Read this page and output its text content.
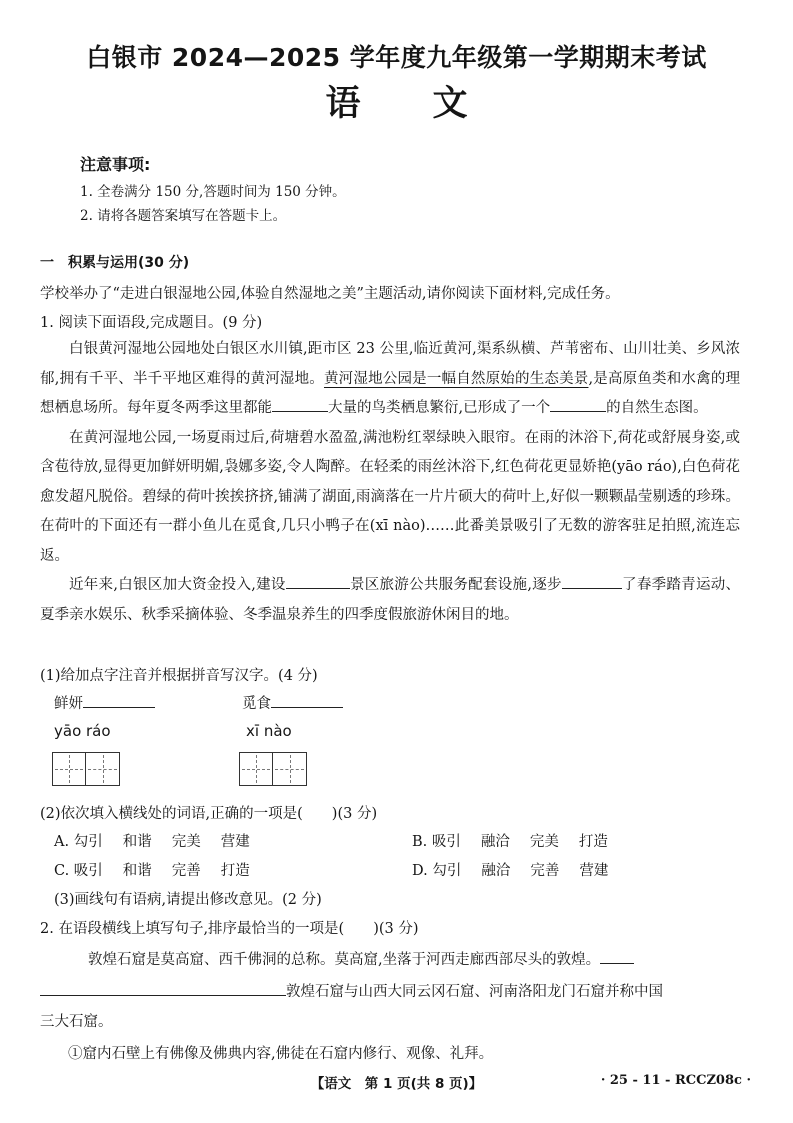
白银市 2024—2025 学年度九年级第一学期期末考试
语 文
注意事项:
1. 全卷满分 150 分,答题时间为 150 分钟。
2. 请将各题答案填写在答题卡上。
一　积累与运用(30 分)
学校举办了“走进白银湿地公园,体验自然湿地之美”主题活动,请你阅读下面材料,完成任务。
1. 阅读下面语段,完成题目。(9 分)

白银黄河湿地公园地处白银区水川镇,距市区 23 公里,临近黄河,渠系纵横、芦苇密布、山川壮美、乡风浓郁,拥有千平、半千平地区难得的黄河湿地。黄河湿地公园是一幅自然原始的生态美景,是高原鱼类和水禽的理想栖息场所。每年夏冬两季这里都能	大量的鸟类栖息繁衍,已形成了一个	的自然生态图。

在黄河湿地公园,一场夏雨过后,荷塘碧水盈盈,满池粉红翠绿映入眼帘。在雨的沐浴下,荷花或舒展身姿,或含苞待放,显得更加鲜妍明媚,袅娜多姿,令人陶醉。在轻柔的雨丝沐浴下,红色荷花更显娇艳(yāo ráo),白色荷花愈发超凡脱俗。碧绿的荷叶挨挨挤挤,铺满了湖面,雨滴落在一片片硕大的荷叶上,好似一颗颗晶莹剔透的珍珠。在荷叶的下面还有一群小鱼儿在觅食,几只小鸭子在(xī nào)……此番美景吸引了无数的游客驻足拍照,流连忘返。

近年来,白银区加大资金投入,建设	景区旅游公共服务配套设施,逐步	了春季踏青运动、夏季亲水娱乐、秋季采摘体验、冬季温泉养生的四季度假旅游休闲目的地。

(1)给加点字注音并根据拼音写汉字。(4 分)
鲜妍	觅食
yāo ráo	xī nào
(2)依次填入横线处的词语,正确的一项是(　　)(3 分)
A. 勾引 和谐 完美 营建	B. 吸引 融洽 完美 打造
C. 吸引 和谐 完善 打造	D. 勾引 融洽 完善 营建
(3)画线句有语病,请提出修改意见。(2 分)
2. 在语段横线上填写句子,排序最恰当的一项是(　　)(3 分)
敦煌石窟是莫高窟、西千佛洞的总称。莫高窟,坐落于河西走廊西部尽头的敦煌。
敦煌石窟与山西大同云冈石窟、河南洛阳龙门石窟并称中国
三大石窟。
①窟内石壁上有佛像及佛典内容,佛徒在石窟内修行、观像、礼拜。
【语文　第 1 页(共 8 页)】	· 25 - 11 - RCCZ08c ·
